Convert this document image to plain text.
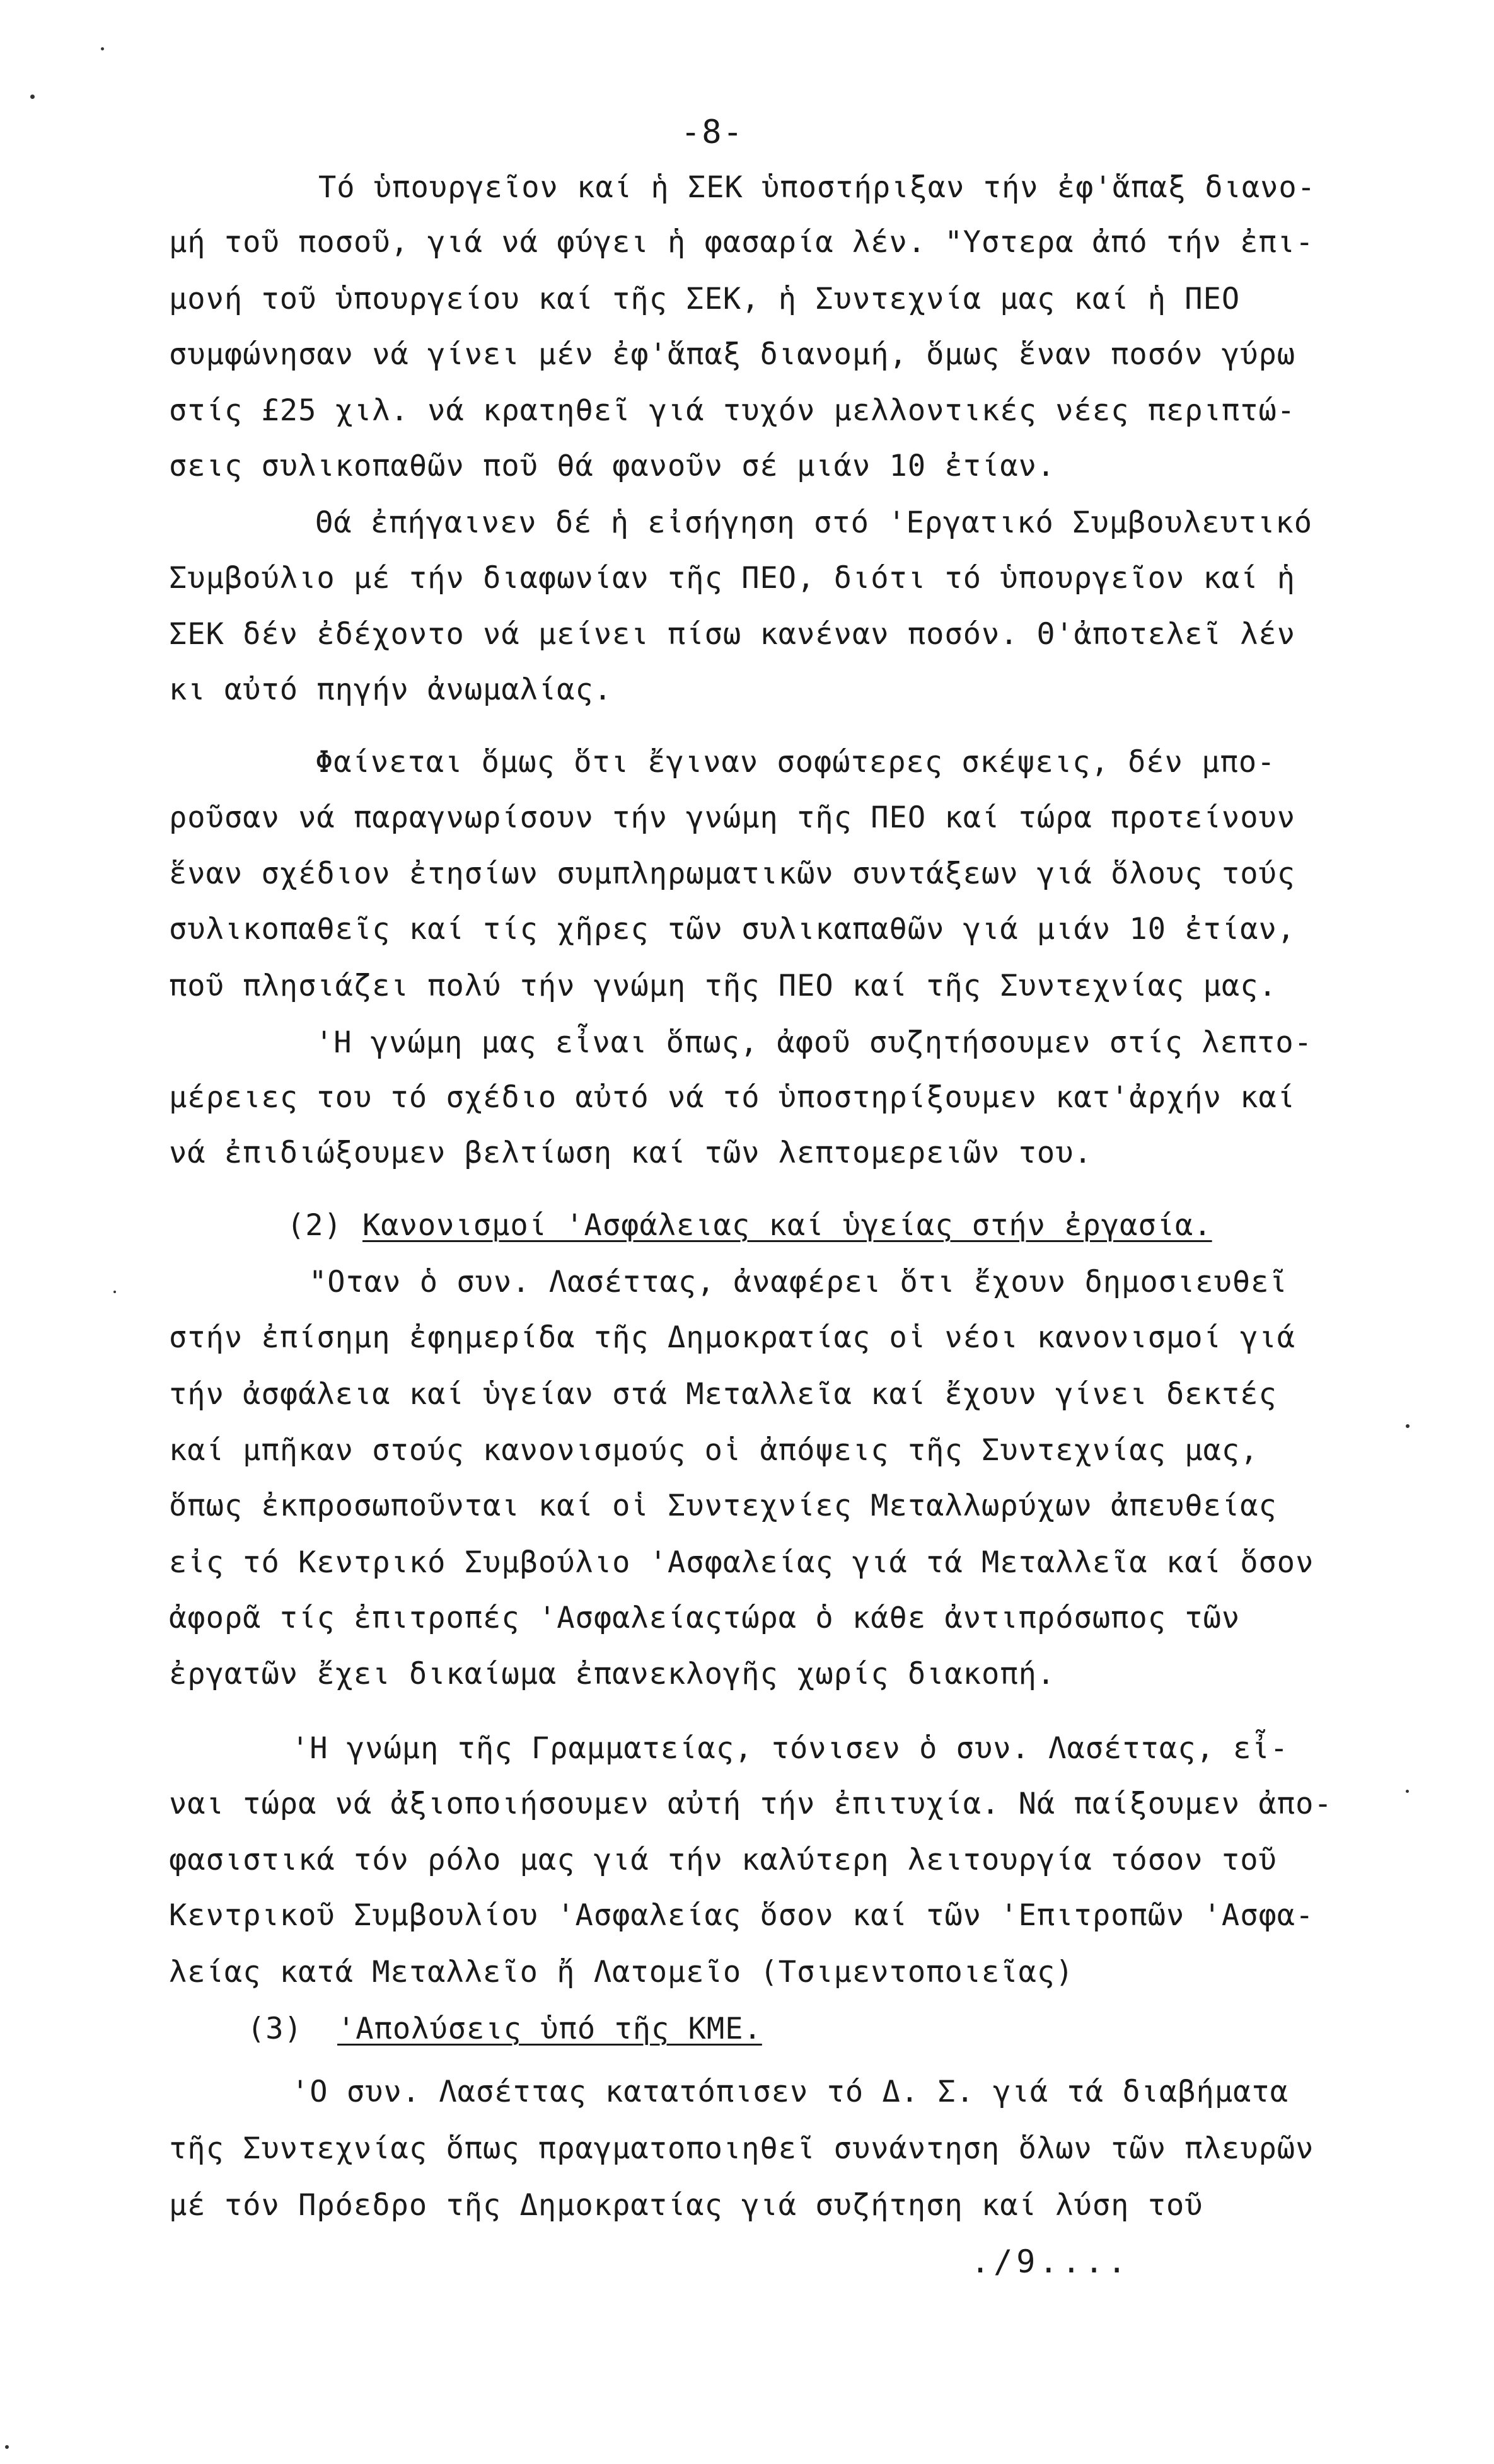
-8-
Τό ὑπουργεῖον καί ἡ ΣΕΚ ὑποστήριξαν τήν ἐφ'ἅπαξ διανο-
μή τοῦ ποσοῦ, γιά νά φύγει ἡ φασαρία λέν. "Υστερα ἀπό τήν ἐπι-
μονή τοῦ ὑπουργείου καί τῆς ΣΕΚ, ἡ Συντεχνία μας καί ἡ ΠΕΟ
συμφώνησαν νά γίνει μέν ἐφ'ἅπαξ διανομή, ὅμως ἕναν ποσόν γύρω
στίς £25 χιλ. νά κρατηθεῖ γιά τυχόν μελλοντικές νέες περιπτώ-
σεις συλικοπαθῶν ποῦ θά φανοῦν σέ μιάν 10 ἐτίαν.
Θά ἐπήγαινεν δέ ἡ εἰσήγηση στό 'Εργατικό Συμβουλευτικό
Συμβούλιο μέ τήν διαφωνίαν τῆς ΠΕΟ, διότι τό ὑπουργεῖον καί ἡ
ΣΕΚ δέν ἐδέχοντο νά μείνει πίσω κανέναν ποσόν. Θ'ἀποτελεῖ λέν
κι αὐτό πηγήν ἀνωμαλίας.
Φαίνεται ὅμως ὅτι ἔγιναν σοφώτερες σκέψεις, δέν μπο-
ροῦσαν νά παραγνωρίσουν τήν γνώμη τῆς ΠΕΟ καί τώρα προτείνουν
ἕναν σχέδιον ἐτησίων συμπληρωματικῶν συντάξεων γιά ὅλους τούς
συλικοπαθεῖς καί τίς χῆρες τῶν συλικαπαθῶν γιά μιάν 10 ἐτίαν,
ποῦ πλησιάζει πολύ τήν γνώμη τῆς ΠΕΟ καί τῆς Συντεχνίας μας.
'Η γνώμη μας εἶναι ὅπως, ἀφοῦ συζητήσουμεν στίς λεπτο-
μέρειες του τό σχέδιο αὐτό νά τό ὑποστηρίξουμεν κατ'ἀρχήν καί
νά ἐπιδιώξουμεν βελτίωση καί τῶν λεπτομερειῶν του.
(2) Κανονισμοί 'Ασφάλειας καί ὑγείας στήν ἐργασία.
"Οταν ὁ συν. Λασέττας, ἀναφέρει ὅτι ἔχουν δημοσιευθεῖ
στήν ἐπίσημη ἐφημερίδα τῆς Δημοκρατίας οἱ νέοι κανονισμοί γιά
τήν ἀσφάλεια καί ὑγείαν στά Μεταλλεῖα καί ἔχουν γίνει δεκτές
καί μπῆκαν στούς κανονισμούς οἱ ἀπόψεις τῆς Συντεχνίας μας,
ὅπως ἐκπροσωποῦνται καί οἱ Συντεχνίες Μεταλλωρύχων ἀπευθείας
εἰς τό Κεντρικό Συμβούλιο 'Ασφαλείας γιά τά Μεταλλεῖα καί ὅσον
ἀφορᾶ τίς ἐπιτροπές 'Ασφαλείαςτώρα ὁ κάθε ἀντιπρόσωπος τῶν
ἐργατῶν ἔχει δικαίωμα ἐπανεκλογῆς χωρίς διακοπή.
'Η γνώμη τῆς Γραμματείας, τόνισεν ὁ συν. Λασέττας, εἶ-
ναι τώρα νά ἀξιοποιήσουμεν αὐτή τήν ἐπιτυχία. Νά παίξουμεν ἀπο-
φασιστικά τόν ρόλο μας γιά τήν καλύτερη λειτουργία τόσον τοῦ
Κεντρικοῦ Συμβουλίου 'Ασφαλείας ὅσον καί τῶν 'Επιτροπῶν 'Ασφα-
λείας κατά Μεταλλεῖο ἤ Λατομεῖο (Τσιμεντοποιεῖας)
(3) 'Απολύσεις ὑπό τῆς ΚΜΕ.
'Ο συν. Λασέττας κατατόπισεν τό Δ. Σ. γιά τά διαβήματα
τῆς Συντεχνίας ὅπως πραγματοποιηθεῖ συνάντηση ὅλων τῶν πλευρῶν
μέ τόν Πρόεδρο τῆς Δημοκρατίας γιά συζήτηση καί λύση τοῦ
./9....
